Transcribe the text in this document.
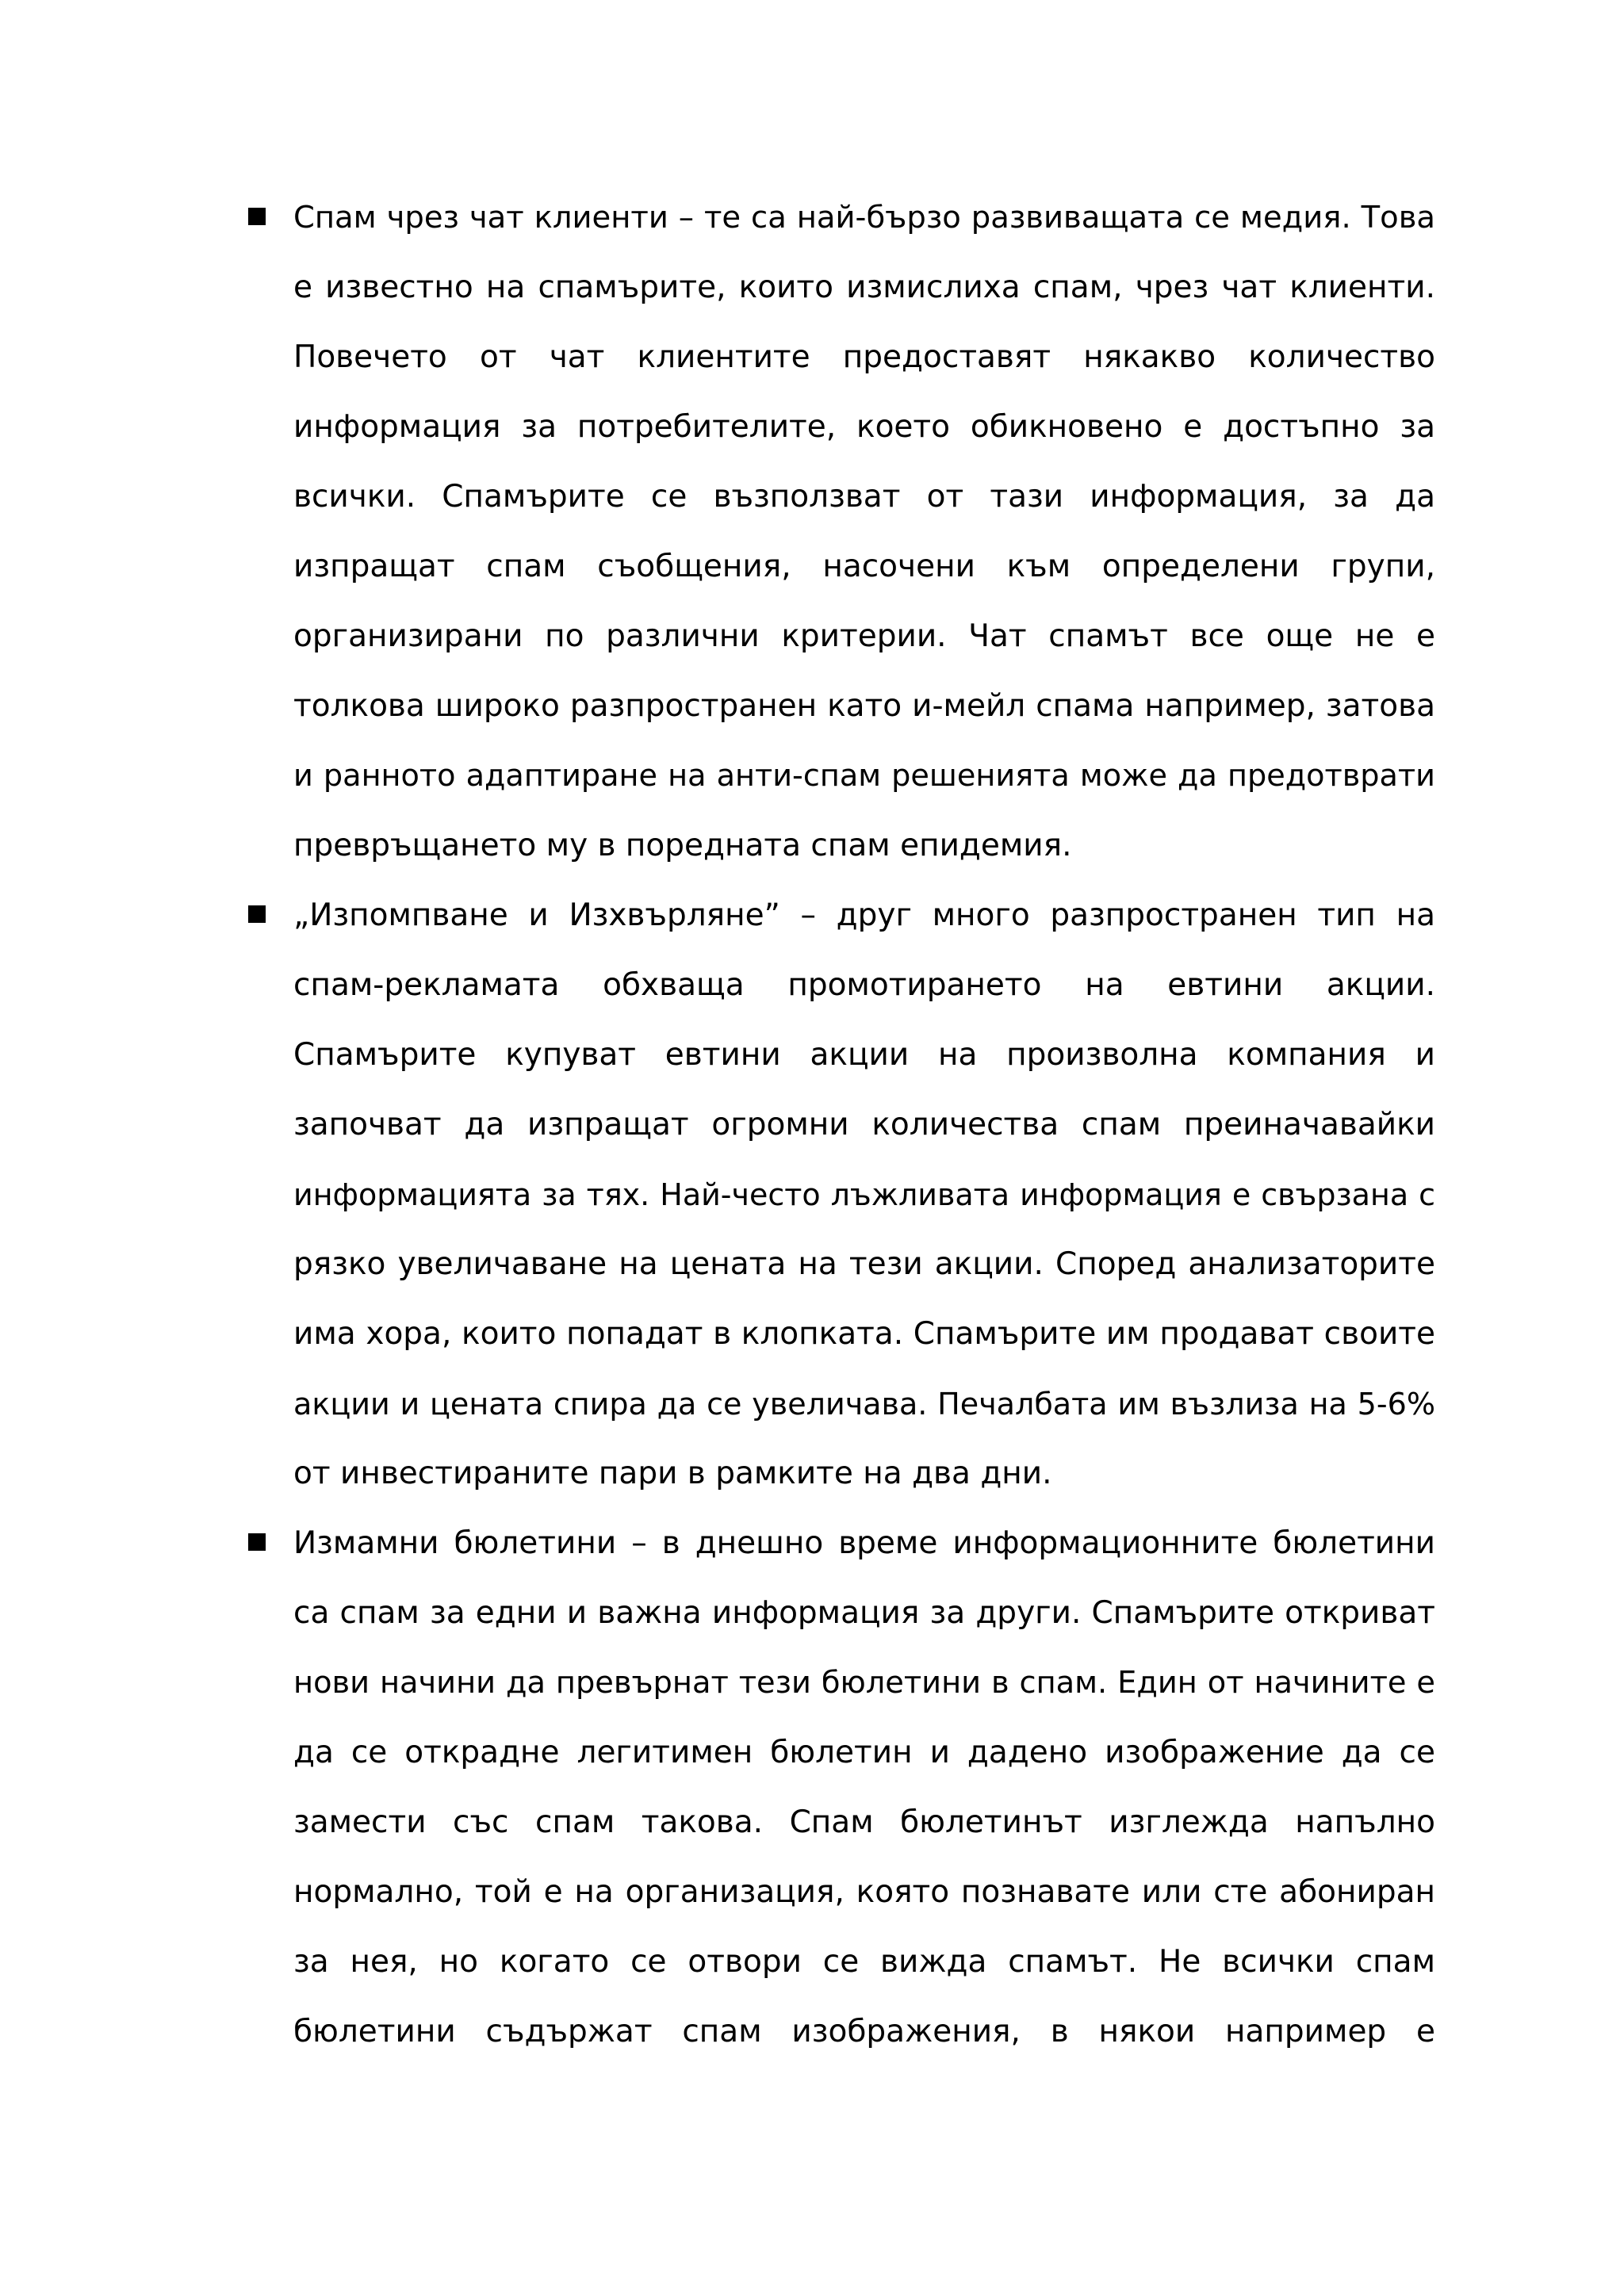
Спам чрез чат клиенти – те са най-бързо развиващата се медия. Това
е известно на спамърите, които измислиха спам, чрез чат клиенти.
Повечето от чат клиентите предоставят някакво количество
информация за потребителите, което обикновено е достъпно за
всички. Спамърите се възползват от тази информация, за да
изпращат спам съобщения, насочени към определени групи,
организирани по различни критерии. Чат спамът все още не е
толкова широко разпространен като и-мейл спама например, затова
и ранното адаптиране на анти-спам решенията може да предотврати
превръщането му в поредната спам епидемия.
„Изпомпване и Изхвърляне” – друг много разпространен тип на
спам-рекламата обхваща промотирането на евтини акции.
Спамърите купуват евтини акции на произволна компания и
започват да изпращат огромни количества спам преиначавайки
информацията за тях. Най-често лъжливата информация е свързана с
рязко увеличаване на цената на тези акции. Според анализаторите
има хора, които попадат в клопката. Спамърите им продават своите
акции и цената спира да се увеличава. Печалбата им възлиза на 5-6%
от инвестираните пари в рамките на два дни.
Измамни бюлетини – в днешно време информационните бюлетини
са спам за едни и важна информация за други. Спамърите откриват
нови начини да превърнат тези бюлетини в спам. Един от начините е
да се открадне легитимен бюлетин и дадено изображение да се
замести със спам такова. Спам бюлетинът изглежда напълно
нормално, той е на организация, която познавате или сте абониран
за нея, но когато се отвори се вижда спамът. Не всички спам
бюлетини съдържат спам изображения, в някои например е
